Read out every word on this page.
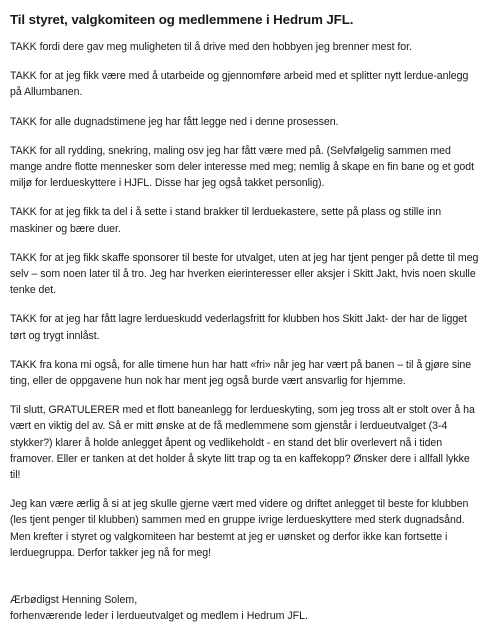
Til styret, valgkomiteen og medlemmene i Hedrum JFL.
TAKK fordi dere gav meg muligheten til å drive med den hobbyen jeg brenner mest for.
TAKK for at jeg fikk være med å utarbeide og gjennomføre arbeid med et splitter nytt lerdue-anlegg på Allumbanen.
TAKK for alle dugnadstimene jeg har fått legge ned i denne prosessen.
TAKK for all rydding, snekring, maling osv jeg har fått være med på. (Selvfølgelig sammen med mange andre flotte mennesker som deler interesse med meg; nemlig å skape en fin bane og et godt miljø for lerdueskyttere i HJFL. Disse har jeg også takket personlig).
TAKK for at jeg fikk ta del i å sette i stand brakker til lerduekastere, sette på plass og stille inn maskiner og bære duer.
TAKK for at jeg fikk skaffe sponsorer til beste for utvalget, uten at jeg har tjent penger på dette til meg selv – som noen later til å tro. Jeg har hverken eierinteresser eller aksjer i Skitt Jakt, hvis noen skulle tenke det.
TAKK for at jeg har fått lagre lerdueskudd vederlagsfritt for klubben hos Skitt Jakt- der har de ligget tørt og trygt innlåst.
TAKK fra kona mi også, for alle timene hun har hatt «fri» når jeg har vært på banen – til å gjøre sine ting, eller de oppgavene hun nok har ment jeg også burde vært ansvarlig for hjemme.
Til slutt, GRATULERER med et flott baneanlegg for lerdueskyting, som jeg tross alt er stolt over å ha vært en viktig del av. Så er mitt ønske at de få medlemmene som gjenstår i lerdueutvalget (3-4 stykker?) klarer å holde anlegget åpent og vedlikeholdt - en stand det blir overlevert nå i tiden framover. Eller er tanken at det holder å skyte litt trap og ta en kaffekopp? Ønsker dere i allfall lykke til!
Jeg kan være ærlig å si at jeg skulle gjerne vært med videre og driftet anlegget til beste for klubben (les tjent penger til klubben) sammen med en gruppe ivrige lerdueskyttere med sterk dugnadsånd. Men krefter i styret og valgkomiteen har bestemt at jeg er uønsket og derfor ikke kan fortsette i lerduegruppa. Derfor takker jeg nå for meg!
Ærbødigst Henning Solem,
forhenværende leder i lerdueutvalget og medlem i Hedrum JFL.
